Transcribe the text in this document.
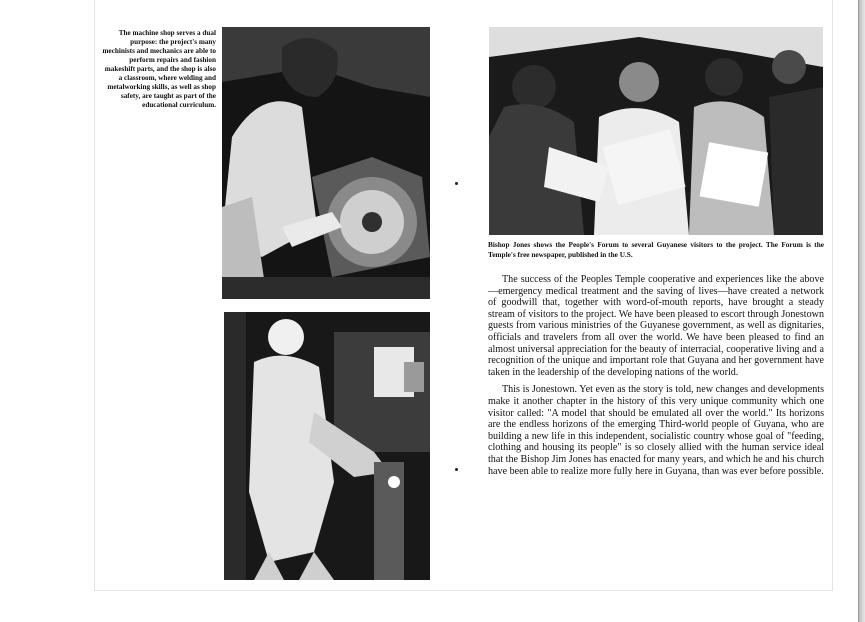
The machine shop serves a dual purpose: the project's many mechinists and mechanics are able to perform repairs and fashion makeshift parts, and the shop is also a classroom, where welding and metalworking skills, as well as shop safety, are taught as part of the educational curriculum.
Bishop Jones shows the People's Forum to several Guyanese visitors to the project. The Forum is the Temple's free newspaper, published in the U.S.

The success of the Peoples Temple cooperative and experiences like the above—emergency medical treatment and the saving of lives—have created a network of goodwill that, together with word-of-mouth reports, have brought a steady stream of visitors to the project. We have been pleased to escort through Jonestown guests from various ministries of the Guyanese government, as well as dignitaries, officials and travelers from all over the world. We have been pleased to find an almost universal appreciation for the beauty of interracial, cooperative living and a recognition of the unique and important role that Guyana and her government have taken in the leadership of the developing nations of the world.

This is Jonestown. Yet even as the story is told, new changes and developments make it another chapter in the history of this very unique community which one visitor called: "A model that should be emulated all over the world." Its horizons are the endless horizons of the emerging Third-world people of Guyana, who are building a new life in this independent, socialistic country whose goal of "feeding, clothing and housing its people" is so closely allied with the human service ideal that the Bishop Jim Jones has enacted for many years, and which he and his church have been able to realize more fully here in Guyana, than was ever before possible.
